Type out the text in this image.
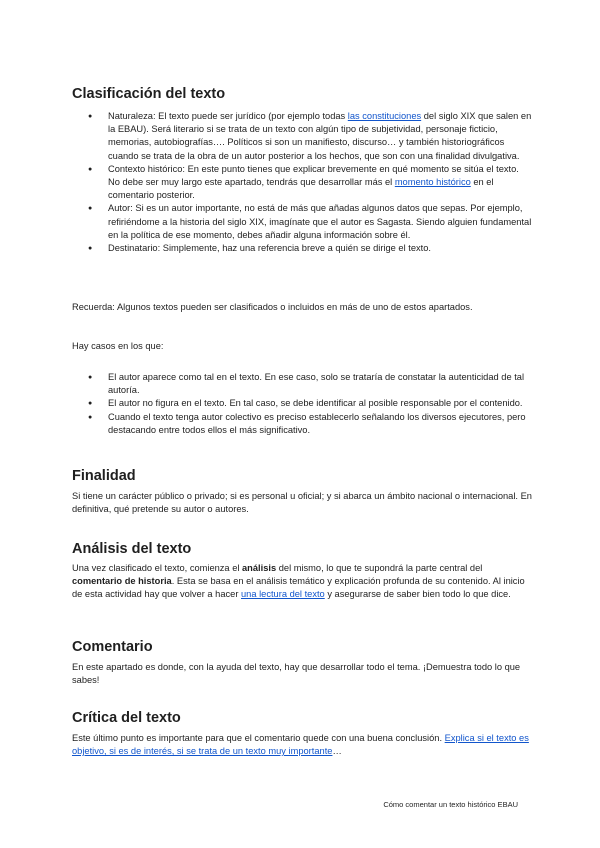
Clasificación del texto
● Naturaleza: El texto puede ser jurídico (por ejemplo todas las constituciones del siglo XIX que salen en la EBAU). Será literario si se trata de un texto con algún tipo de subjetividad, personaje ficticio, memorias, autobiografías…. Políticos si son un manifiesto, discurso… y también historiográficos cuando se trata de la obra de un autor posterior a los hechos, que son con una finalidad divulgativa.
● Contexto histórico: En este punto tienes que explicar brevemente en qué momento se sitúa el texto. No debe ser muy largo este apartado, tendrás que desarrollar más el momento histórico en el comentario posterior.
● Autor: Si es un autor importante, no está de más que añadas algunos datos que sepas. Por ejemplo, refiriéndome a la historia del siglo XIX, imagínate que el autor es Sagasta. Siendo alguien fundamental en la política de ese momento, debes añadir alguna información sobre él.
● Destinatario: Simplemente, haz una referencia breve a quién se dirige el texto.

Recuerda: Algunos textos pueden ser clasificados o incluidos en más de uno de estos apartados.

Hay casos en los que:

● El autor aparece como tal en el texto. En ese caso, solo se trataría de constatar la autenticidad de tal autoría.
● El autor no figura en el texto. En tal caso, se debe identificar al posible responsable por el contenido.
● Cuando el texto tenga autor colectivo es preciso establecerlo señalando los diversos ejecutores, pero destacando entre todos ellos el más significativo.
Finalidad

Si tiene un carácter público o privado; si es personal u oficial; y si abarca un ámbito nacional o internacional. En definitiva, qué pretende su autor o autores.

Análisis del texto

Una vez clasificado el texto, comienza el análisis del mismo, lo que te supondrá la parte central del comentario de historia. Esta se basa en el análisis temático y explicación profunda de su contenido. Al inicio de esta actividad hay que volver a hacer una lectura del texto y asegurarse de saber bien todo lo que dice.

Comentario

En este apartado es donde, con la ayuda del texto, hay que desarrollar todo el tema. ¡Demuestra todo lo que sabes!

Crítica del texto

Este último punto es importante para que el comentario quede con una buena conclusión. Explica si el texto es objetivo, si es de interés, si se trata de un texto muy importante…

Cómo comentar un texto histórico EBAU
